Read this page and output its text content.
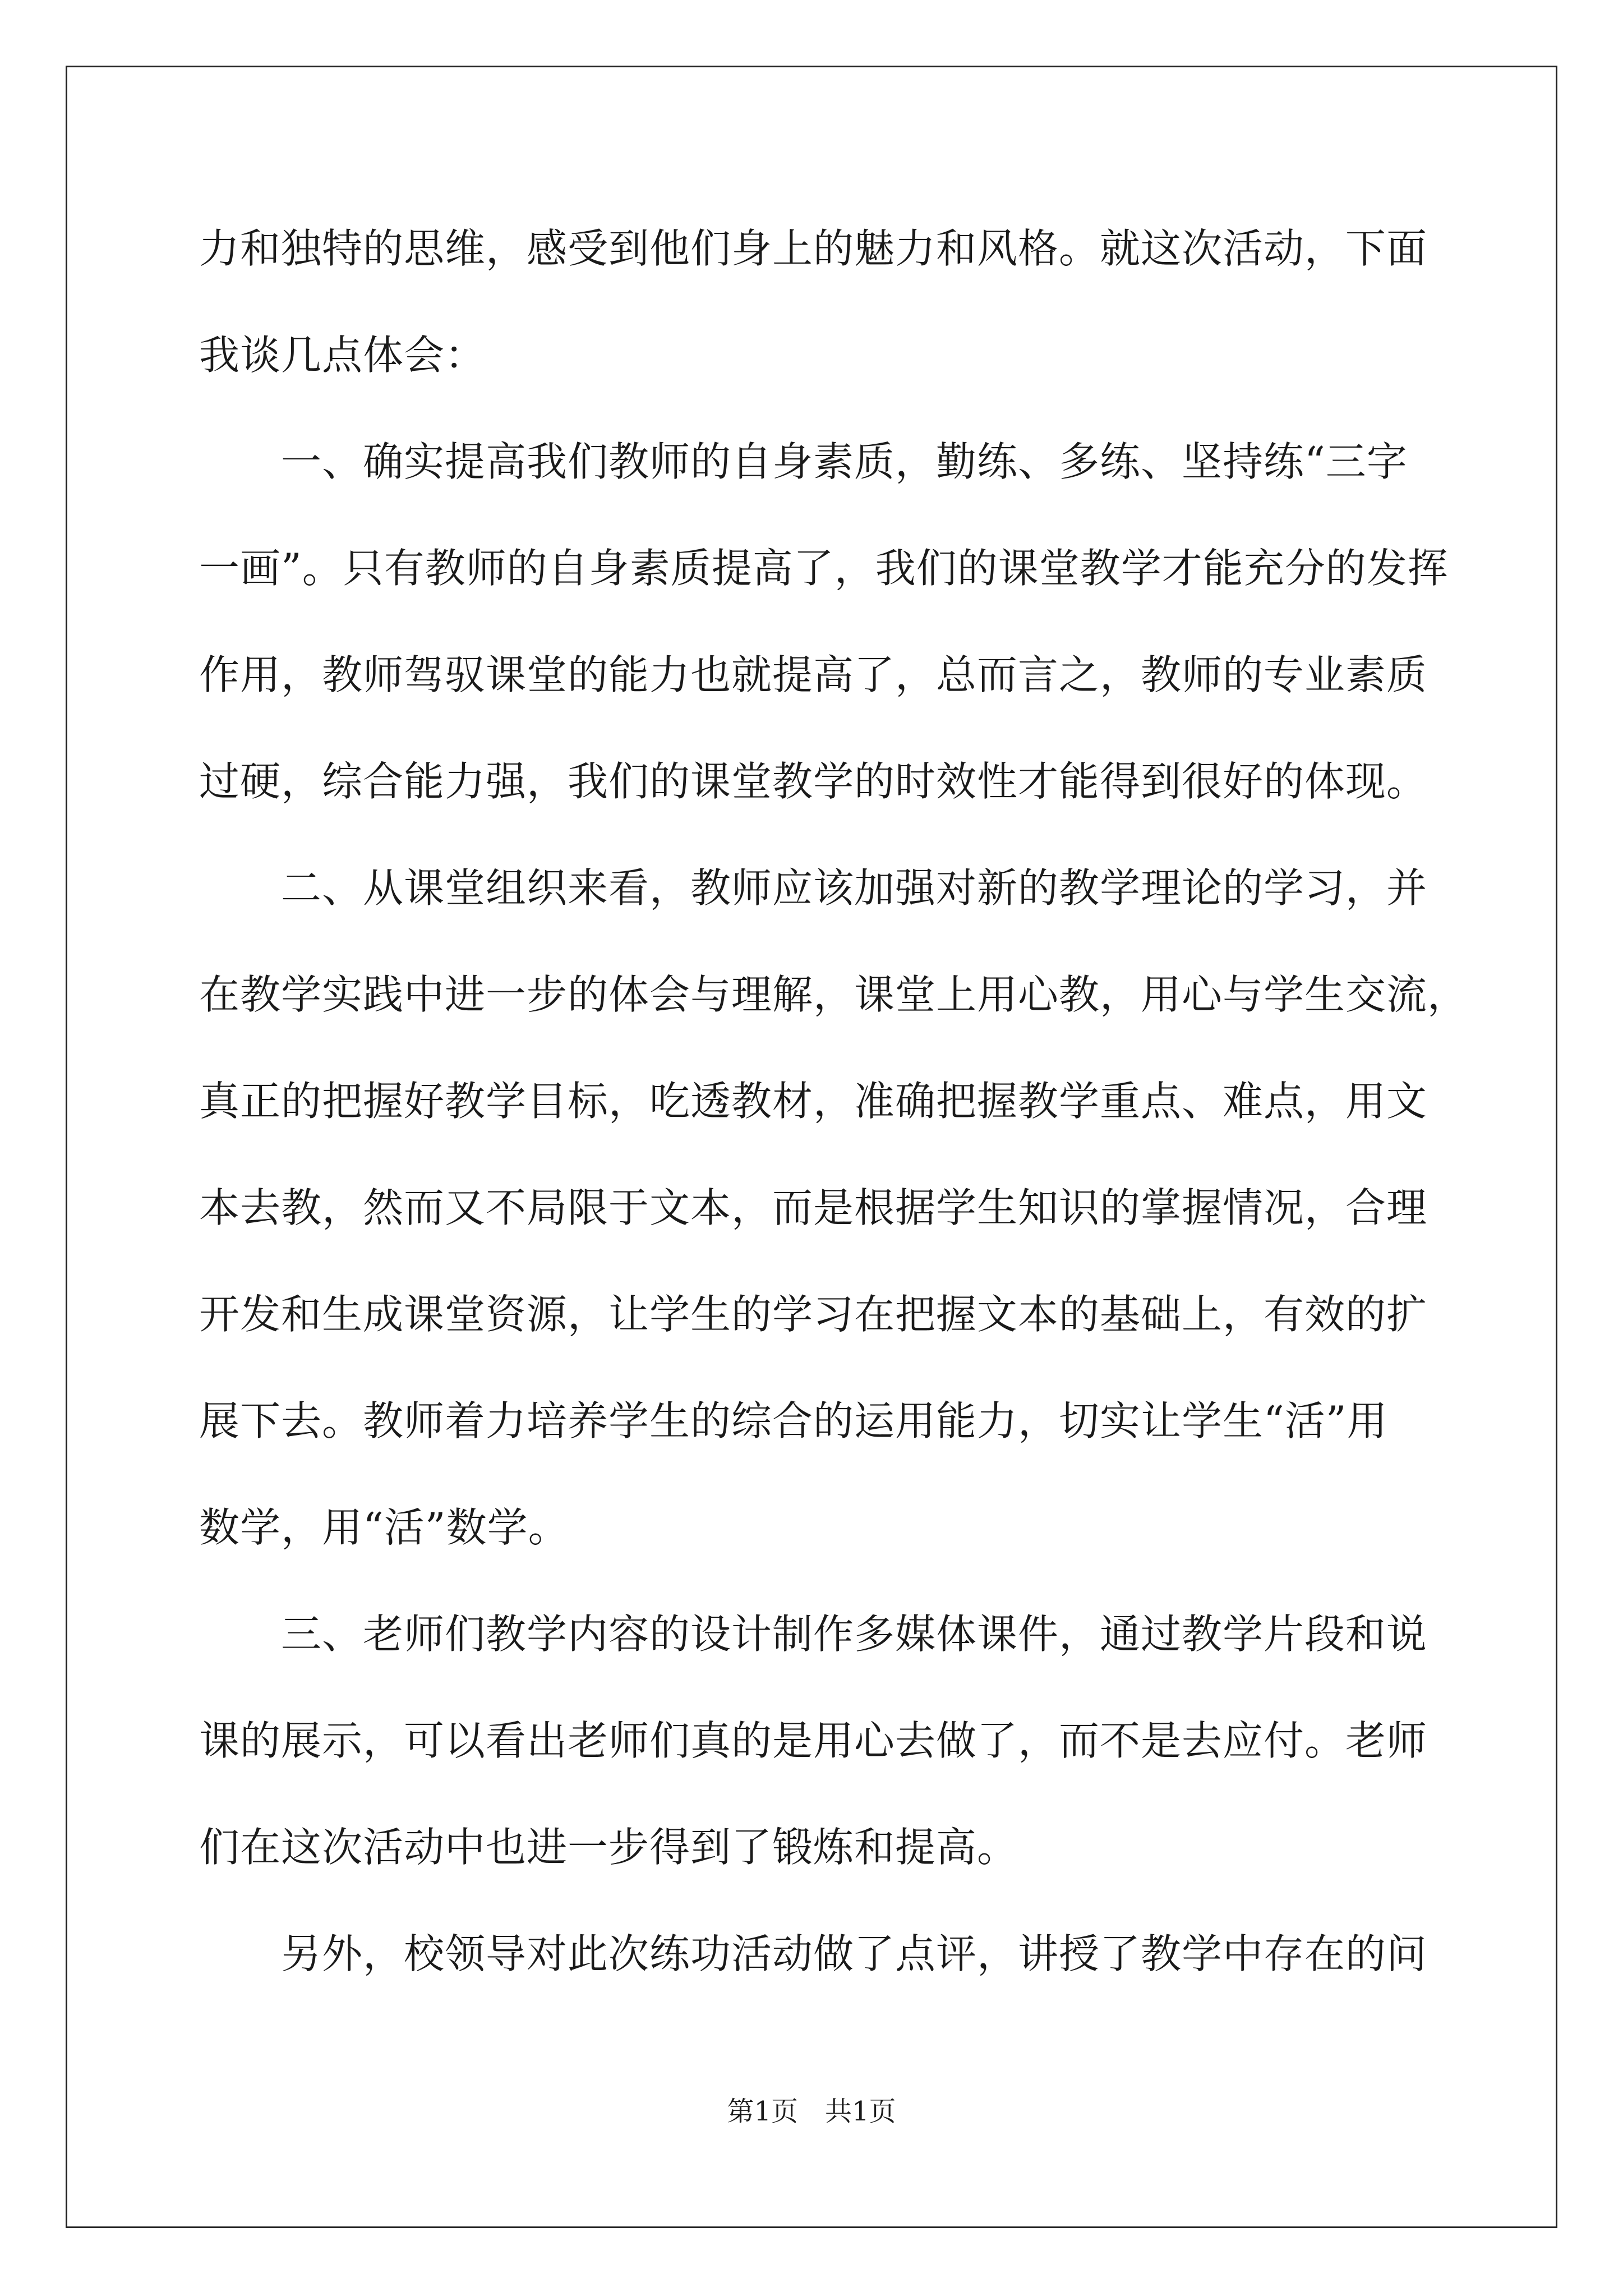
力和独特的思维，感受到他们身上的魅力和风格。就这次活动，下面
我谈几点体会：
　　一、确实提高我们教师的自身素质，勤练、多练、坚持练“三字
一画”。只有教师的自身素质提高了，我们的课堂教学才能充分的发挥
作用，教师驾驭课堂的能力也就提高了，总而言之，教师的专业素质
过硬，综合能力强，我们的课堂教学的时效性才能得到很好的体现。
　　二、从课堂组织来看，教师应该加强对新的教学理论的学习，并
在教学实践中进一步的体会与理解，课堂上用心教，用心与学生交流，
真正的把握好教学目标，吃透教材，准确把握教学重点、难点，用文
本去教，然而又不局限于文本，而是根据学生知识的掌握情况，合理
开发和生成课堂资源，让学生的学习在把握文本的基础上，有效的扩
展下去。教师着力培养学生的综合的运用能力，切实让学生“活”用
数学，用“活”数学。
　　三、老师们教学内容的设计制作多媒体课件，通过教学片段和说
课的展示，可以看出老师们真的是用心去做了，而不是去应付。老师
们在这次活动中也进一步得到了锻炼和提高。
　　另外，校领导对此次练功活动做了点评，讲授了教学中存在的问
第1页　共1页
